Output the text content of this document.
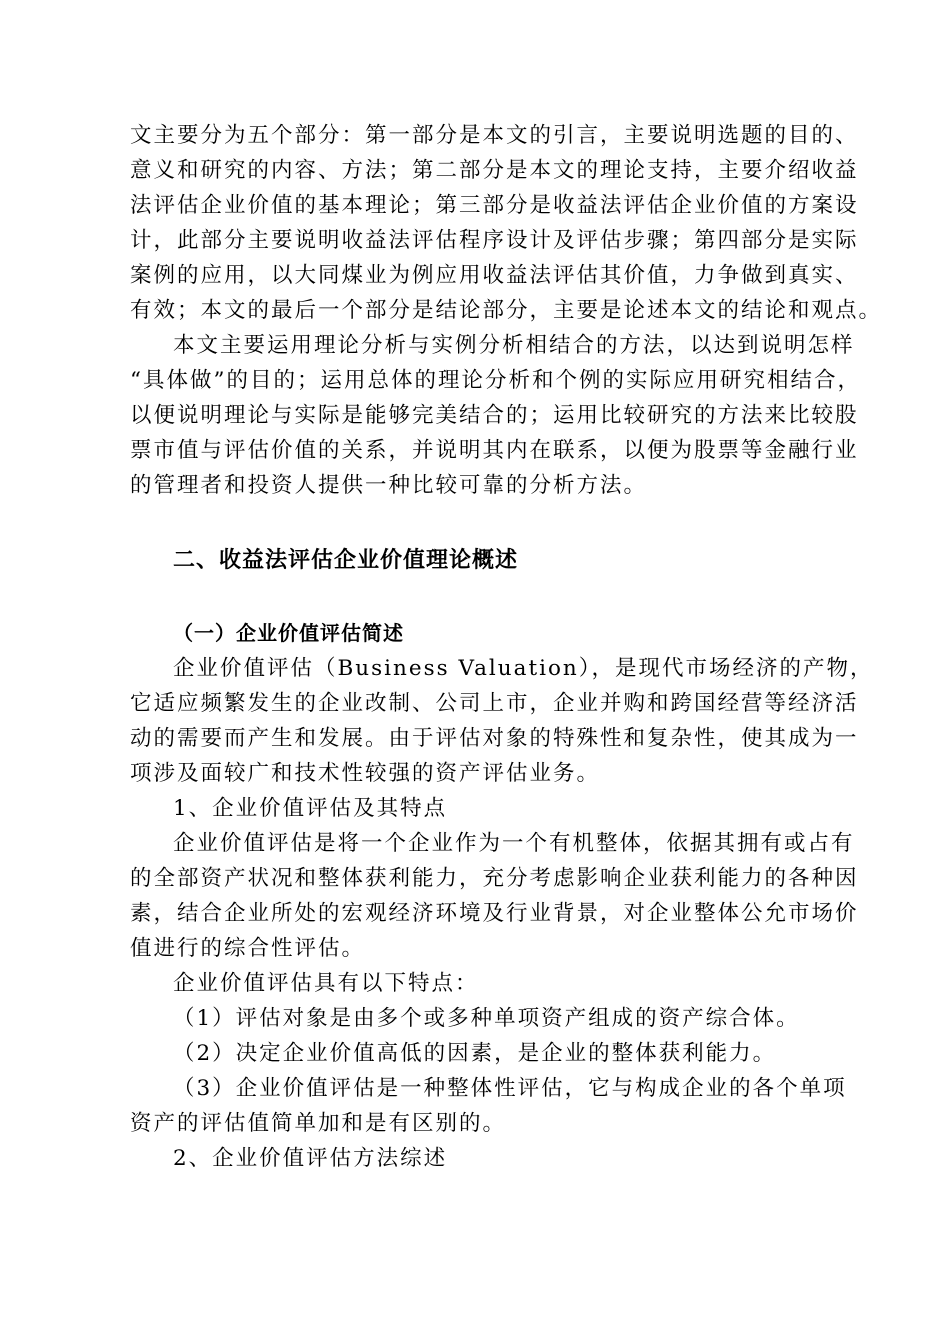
文主要分为五个部分：第一部分是本文的引言，主要说明选题的目的、
意义和研究的内容、方法；第二部分是本文的理论支持，主要介绍收益
法评估企业价值的基本理论；第三部分是收益法评估企业价值的方案设
计，此部分主要说明收益法评估程序设计及评估步骤；第四部分是实际
案例的应用，以大同煤业为例应用收益法评估其价值，力争做到真实、
有效；本文的最后一个部分是结论部分，主要是论述本文的结论和观点。
本文主要运用理论分析与实例分析相结合的方法，以达到说明怎样
“具体做”的目的；运用总体的理论分析和个例的实际应用研究相结合，
以便说明理论与实际是能够完美结合的；运用比较研究的方法来比较股
票市值与评估价值的关系，并说明其内在联系，以便为股票等金融行业
的管理者和投资人提供一种比较可靠的分析方法。
二、收益法评估企业价值理论概述
（一）企业价值评估简述
企业价值评估（Business Valuation），是现代市场经济的产物，
它适应频繁发生的企业改制、公司上市，企业并购和跨国经营等经济活
动的需要而产生和发展。由于评估对象的特殊性和复杂性，使其成为一
项涉及面较广和技术性较强的资产评估业务。
1、企业价值评估及其特点
企业价值评估是将一个企业作为一个有机整体，依据其拥有或占有
的全部资产状况和整体获利能力，充分考虑影响企业获利能力的各种因
素，结合企业所处的宏观经济环境及行业背景，对企业整体公允市场价
值进行的综合性评估。
企业价值评估具有以下特点：
（1）评估对象是由多个或多种单项资产组成的资产综合体。
（2）决定企业价值高低的因素，是企业的整体获利能力。
（3）企业价值评估是一种整体性评估，它与构成企业的各个单项
资产的评估值简单加和是有区别的。
2、企业价值评估方法综述
